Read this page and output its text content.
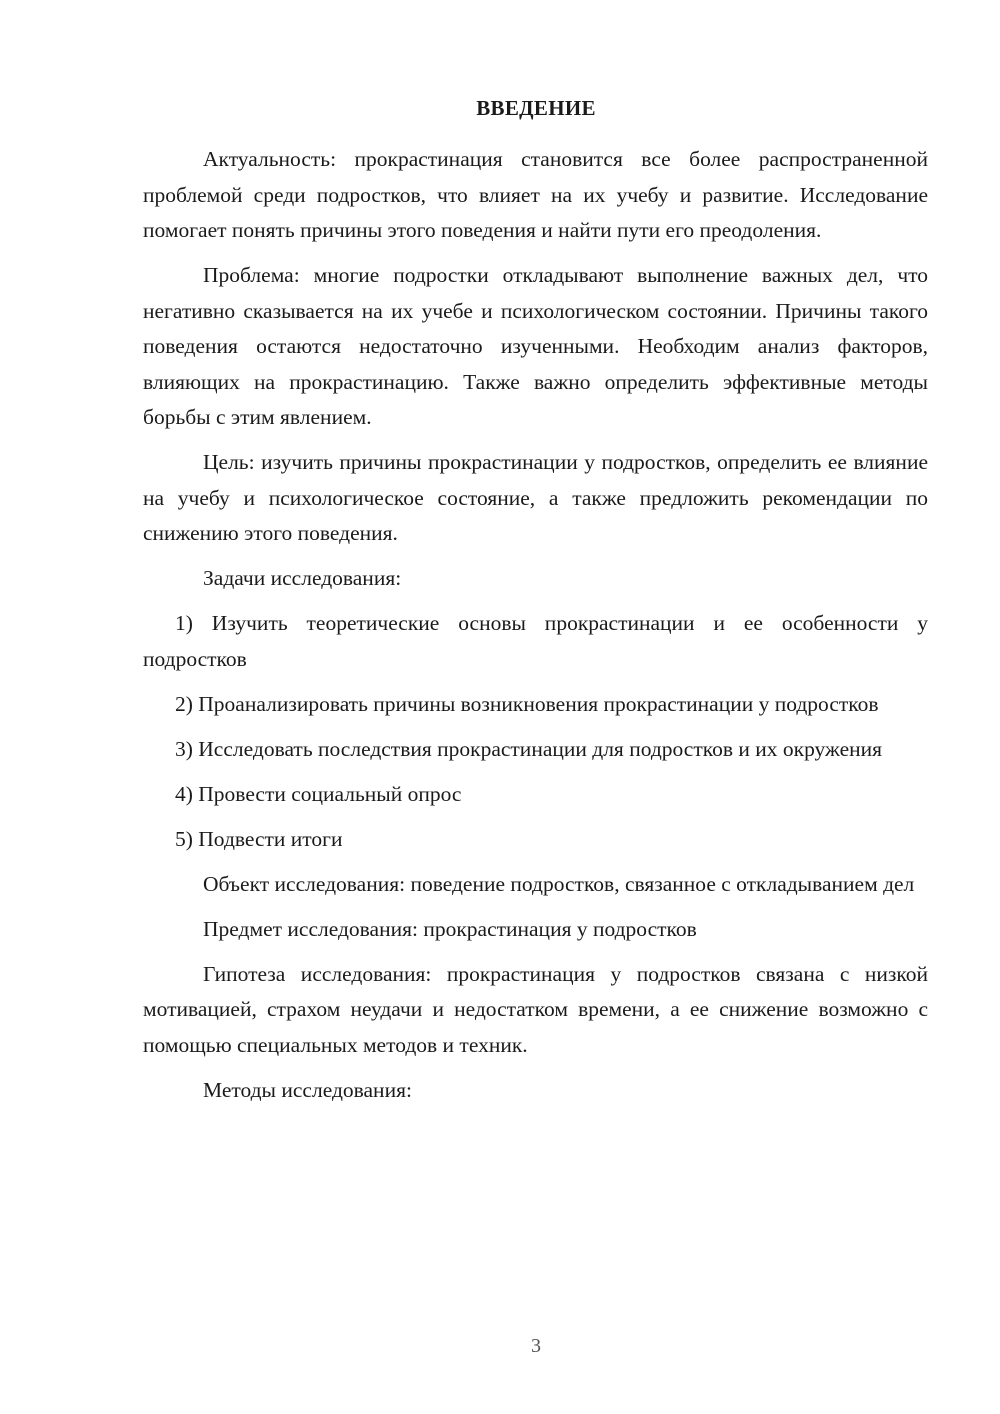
ВВЕДЕНИЕ

Актуальность: прокрастинация становится все более распространенной проблемой среди подростков, что влияет на их учебу и развитие. Исследование помогает понять причины этого поведения и найти пути его преодоления.

Проблема: многие подростки откладывают выполнение важных дел, что негативно сказывается на их учебе и психологическом состоянии. Причины такого поведения остаются недостаточно изученными. Необходим анализ факторов, влияющих на прокрастинацию. Также важно определить эффективные методы борьбы с этим явлением.

Цель: изучить причины прокрастинации у подростков, определить ее влияние на учебу и психологическое состояние, а также предложить рекомендации по снижению этого поведения.

Задачи исследования:

1) Изучить теоретические основы прокрастинации и ее особенности у подростков

2) Проанализировать причины возникновения прокрастинации у подростков

3) Исследовать последствия прокрастинации для подростков и их окружения

4) Провести социальный опрос

5) Подвести итоги

Объект исследования: поведение подростков, связанное с откладыванием дел

Предмет исследования: прокрастинация у подростков

Гипотеза исследования: прокрастинация у подростков связана с низкой мотивацией, страхом неудачи и недостатком времени, а ее снижение возможно с помощью специальных методов и техник.

Методы исследования:

3
